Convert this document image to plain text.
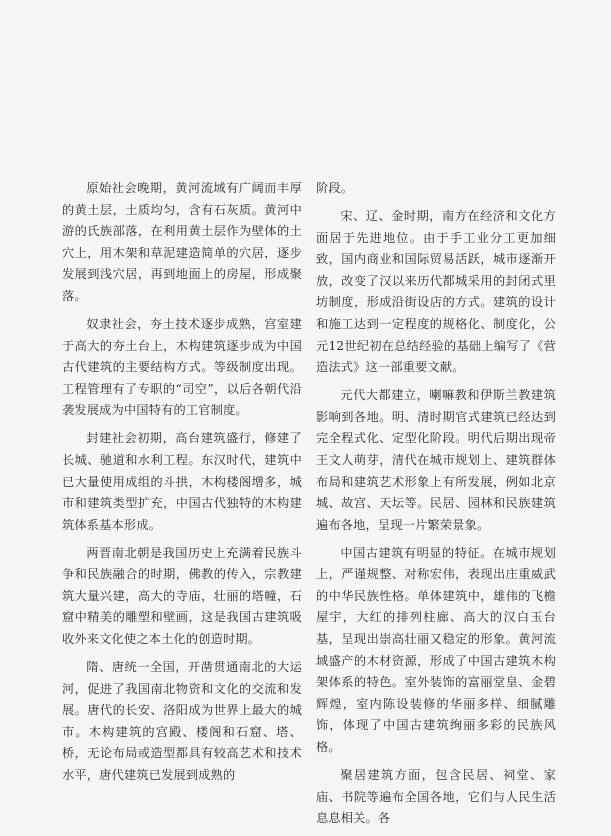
原始社会晚期，黄河流域有广阔而丰厚的黄土层，土质均匀，含有石灰质。黄河中游的氏族部落，在利用黄土层作为壁体的土穴上，用木架和草泥建造简单的穴居，逐步发展到浅穴居，再到地面上的房屋，形成聚落。

奴隶社会，夯土技术逐步成熟，宫室建于高大的夯土台上，木构建筑逐步成为中国古代建筑的主要结构方式。等级制度出现。工程管理有了专职的“司空”，以后各朝代沿袭发展成为中国特有的工官制度。

封建社会初期，高台建筑盛行，修建了长城、驰道和水利工程。东汉时代，建筑中已大量使用成组的斗拱，木构楼阁增多，城市和建筑类型扩充，中国古代独特的木构建筑体系基本形成。

两晋南北朝是我国历史上充满着民族斗争和民族融合的时期，佛教的传入，宗教建筑大量兴建，高大的寺庙，壮丽的塔幢，石窟中精美的雕塑和壁画，这是我国古建筑吸收外来文化使之本土化的创造时期。

隋、唐统一全国，开凿贯通南北的大运河，促进了我国南北物资和文化的交流和发展。唐代的长安、洛阳成为世界上最大的城市。木构建筑的宫殿、楼阁和石窟、塔、桥，无论布局或造型都具有较高艺术和技术水平，唐代建筑已发展到成熟的

阶段。

宋、辽、金时期，南方在经济和文化方面居于先进地位。由于手工业分工更加细致，国内商业和国际贸易活跃，城市逐渐开放，改变了汉以来历代都城采用的封闭式里坊制度，形成沿街设店的方式。建筑的设计和施工达到一定程度的规格化、制度化，公元12世纪初在总结经验的基础上编写了《营造法式》这一部重要文献。

元代大都建立，喇嘛教和伊斯兰教建筑影响到各地。明、清时期官式建筑已经达到完全程式化、定型化阶段。明代后期出现帝王文人萌芽，清代在城市规划上、建筑群体布局和建筑艺术形象上有所发展，例如北京城、故宫、天坛等。民居、园林和民族建筑遍布各地，呈现一片繁荣景象。

中国古建筑有明显的特征。在城市规划上，严谨规整、对称宏伟，表现出庄重威武的中华民族性格。单体建筑中，雄伟的飞檐屋宇，大红的排列柱廊、高大的汉白玉台基，呈现出崇高壮丽又稳定的形象。黄河流域盛产的木材资源，形成了中国古建筑木构架体系的特色。室外装饰的富丽堂皇、金碧辉煌，室内陈设装修的华丽多样、细腻雕饰，体现了中国古建筑绚丽多彩的民族风格。

聚居建筑方面，包含民居、祠堂、家庙、书院等遍布全国各地，它们与人民生活息息相关。各
